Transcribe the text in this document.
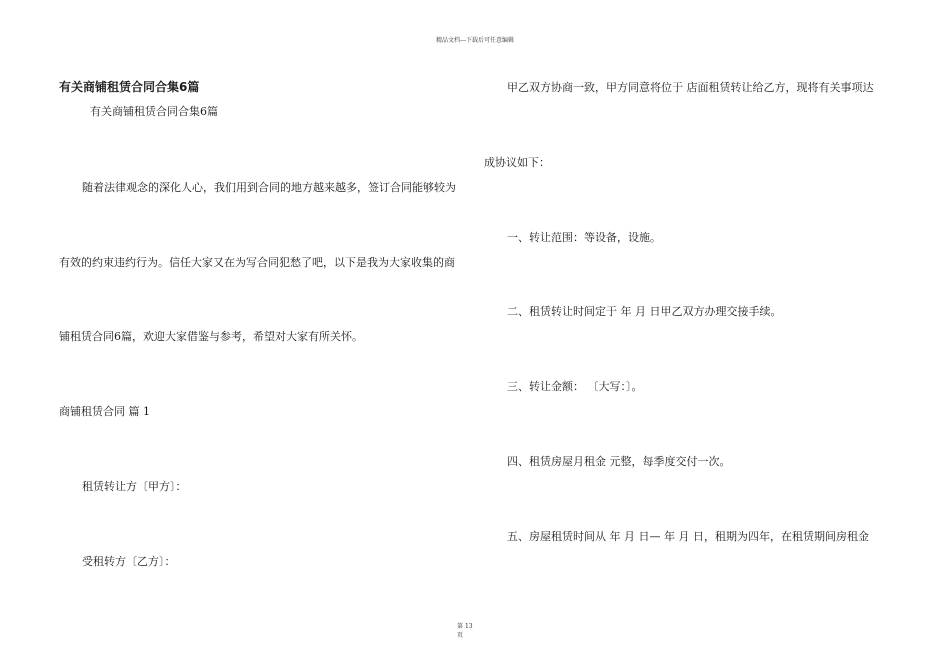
精品文档---下载后可任意编辑
有关商铺租赁合同合集6篇
有关商铺租赁合同合集6篇
随着法律观念的深化人心，我们用到合同的地方越来越多，签订合同能够较为
有效的约束违约行为。信任大家又在为写合同犯愁了吧，以下是我为大家收集的商
铺租赁合同6篇，欢迎大家借鉴与参考，希望对大家有所关怀。
商铺租赁合同 篇 1
租赁转让方〔甲方〕：
受租转方〔乙方〕：
甲乙双方协商一致，甲方同意将位于 店面租赁转让给乙方，现将有关事项达
成协议如下：
一、转让范围：等设备，设施。
二、租赁转让时间定于 年 月 日甲乙双方办理交接手续。
三、转让金额： 〔大写：〕。
四、租赁房屋月租金 元整，每季度交付一次。
五、房屋租赁时间从 年 月 日— 年 月 日，租期为四年，在租赁期间房租金
第 13
页
